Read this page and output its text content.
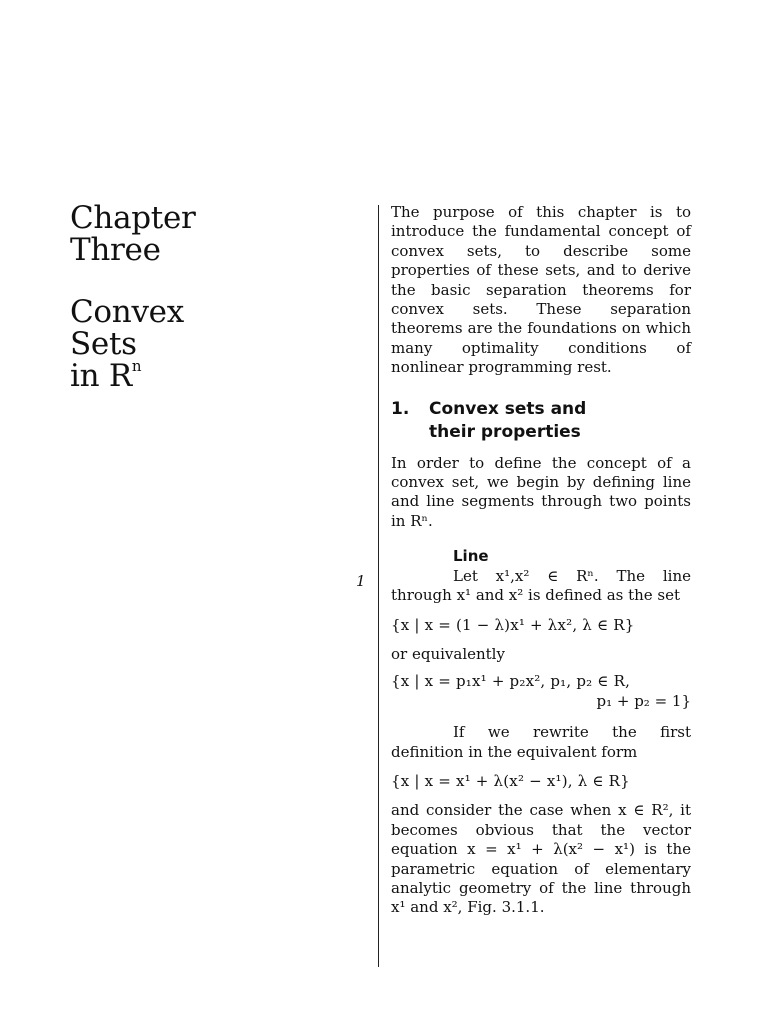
Chapter
Three
Convex
Sets
in $R^n$
1

The purpose of this chapter is to introduce the fundamental concept of convex sets, to describe some properties of these sets, and to derive the basic separation theorems for convex sets. These separation theorems are the foundations on which many optimality conditions of nonlinear programming rest.

1. Convex sets and
their properties

In order to define the concept of a convex set, we begin by defining line and line segments through two points in Rⁿ.

Line

Let x¹,x² ∈ Rⁿ. The line through x¹ and x² is defined as the set

{x | x = (1 − λ)x¹ + λx², λ ∈ R}

or equivalently

{x | x = p₁x¹ + p₂x², p₁, p₂ ∈ R,

p₁ + p₂ = 1}

If we rewrite the first definition in the equivalent form

{x | x = x¹ + λ(x² − x¹), λ ∈ R}

and consider the case when x ∈ R², it becomes obvious that the vector equation x = x¹ + λ(x² − x¹) is the parametric equation of elementary analytic geometry of the line through x¹ and x², Fig. 3.1.1.
